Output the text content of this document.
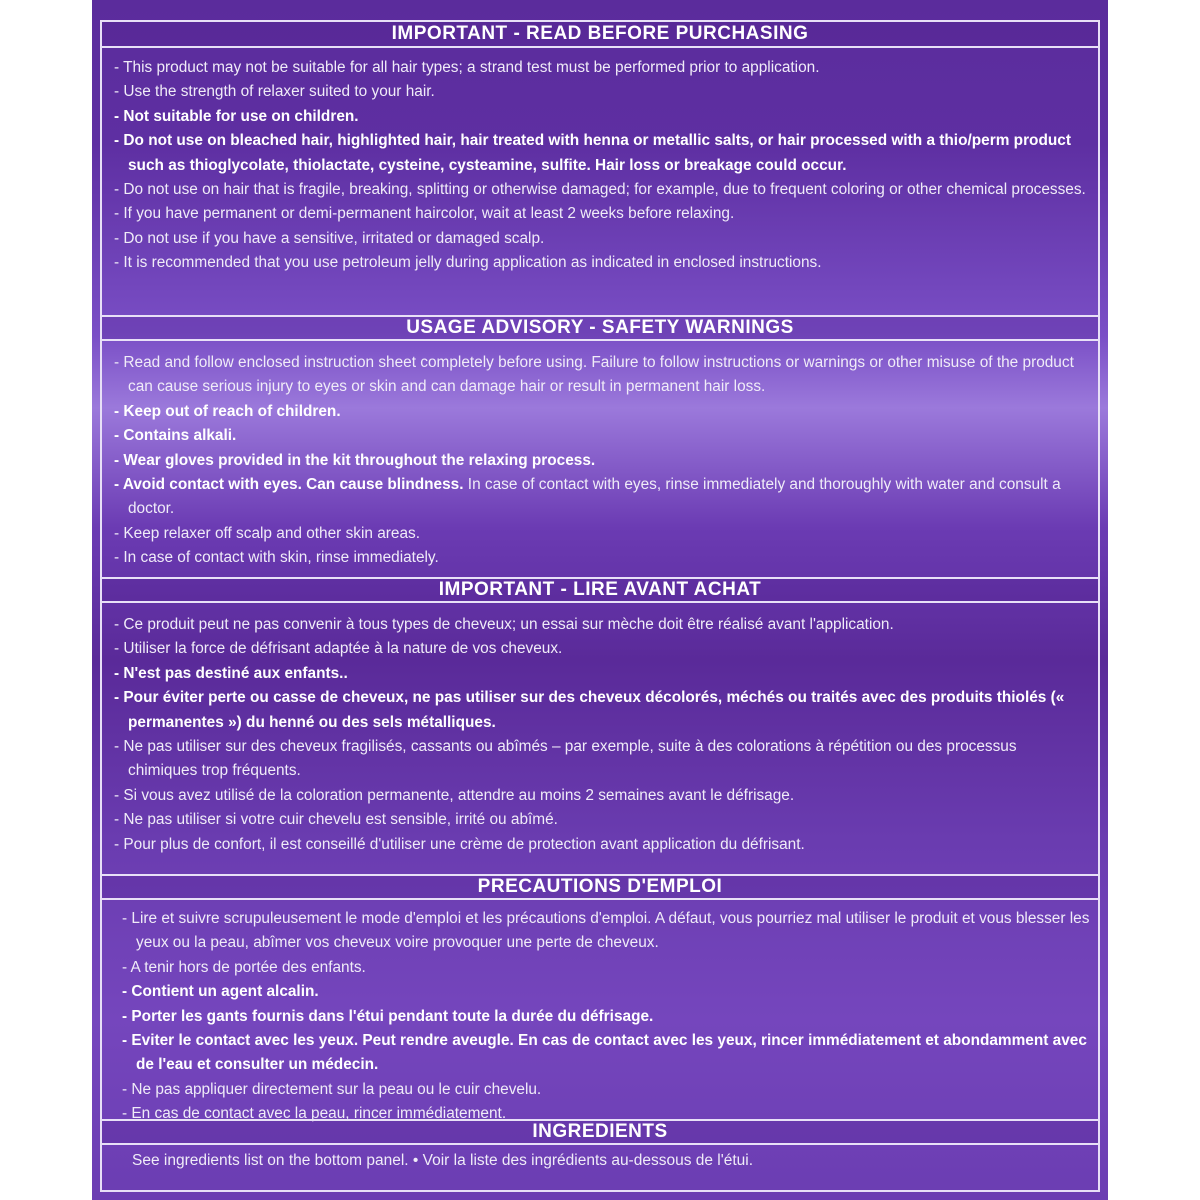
IMPORTANT - READ BEFORE PURCHASING
- This product may not be suitable for all hair types; a strand test must be performed prior to application.
- Use the strength of relaxer suited to your hair.
- Not suitable for use on children.
- Do not use on bleached hair, highlighted hair, hair treated with henna or metallic salts, or hair processed with a thio/perm product such as thioglycolate, thiolactate, cysteine, cysteamine, sulfite. Hair loss or breakage could occur.
- Do not use on hair that is fragile, breaking, splitting or otherwise damaged; for example, due to frequent coloring or other chemical processes.
- If you have permanent or demi-permanent haircolor, wait at least 2 weeks before relaxing.
- Do not use if you have a sensitive, irritated or damaged scalp.
- It is recommended that you use petroleum jelly during application as indicated in enclosed instructions.
USAGE ADVISORY - SAFETY WARNINGS
- Read and follow enclosed instruction sheet completely before using. Failure to follow instructions or warnings or other misuse of the product can cause serious injury to eyes or skin and can damage hair or result in permanent hair loss.
- Keep out of reach of children.
- Contains alkali.
- Wear gloves provided in the kit throughout the relaxing process.
- Avoid contact with eyes. Can cause blindness. In case of contact with eyes, rinse immediately and thoroughly with water and consult a doctor.
- Keep relaxer off scalp and other skin areas.
- In case of contact with skin, rinse immediately.
IMPORTANT - LIRE AVANT ACHAT
- Ce produit peut ne pas convenir à tous types de cheveux; un essai sur mèche doit être réalisé avant l'application.
- Utiliser la force de défrisant adaptée à la nature de vos cheveux.
- N'est pas destiné aux enfants..
- Pour éviter perte ou casse de cheveux, ne pas utiliser sur des cheveux décolorés, méchés ou traités avec des produits thiolés (« permanentes ») du henné ou des sels métalliques.
- Ne pas utiliser sur des cheveux fragilisés, cassants ou abîmés – par exemple, suite à des colorations à répétition ou des processus chimiques trop fréquents.
- Si vous avez utilisé de la coloration permanente, attendre au moins 2 semaines avant le défrisage.
- Ne pas utiliser si votre cuir chevelu est sensible, irrité ou abîmé.
- Pour plus de confort, il est conseillé d'utiliser une crème de protection avant application du défrisant.
PRECAUTIONS D'EMPLOI
- Lire et suivre scrupuleusement le mode d'emploi et les précautions d'emploi. A défaut, vous pourriez mal utiliser le produit et vous blesser les yeux ou la peau, abîmer vos cheveux voire provoquer une perte de cheveux.
- A tenir hors de portée des enfants.
- Contient un agent alcalin.
- Porter les gants fournis dans l'étui pendant toute la durée du défrisage.
- Eviter le contact avec les yeux. Peut rendre aveugle. En cas de contact avec les yeux, rincer immédiatement et abondamment avec de l'eau et consulter un médecin.
- Ne pas appliquer directement sur la peau ou le cuir chevelu.
- En cas de contact avec la peau, rincer immédiatement.
INGREDIENTS
See ingredients list on the bottom panel. • Voir la liste des ingrédients au-dessous de l'étui.
